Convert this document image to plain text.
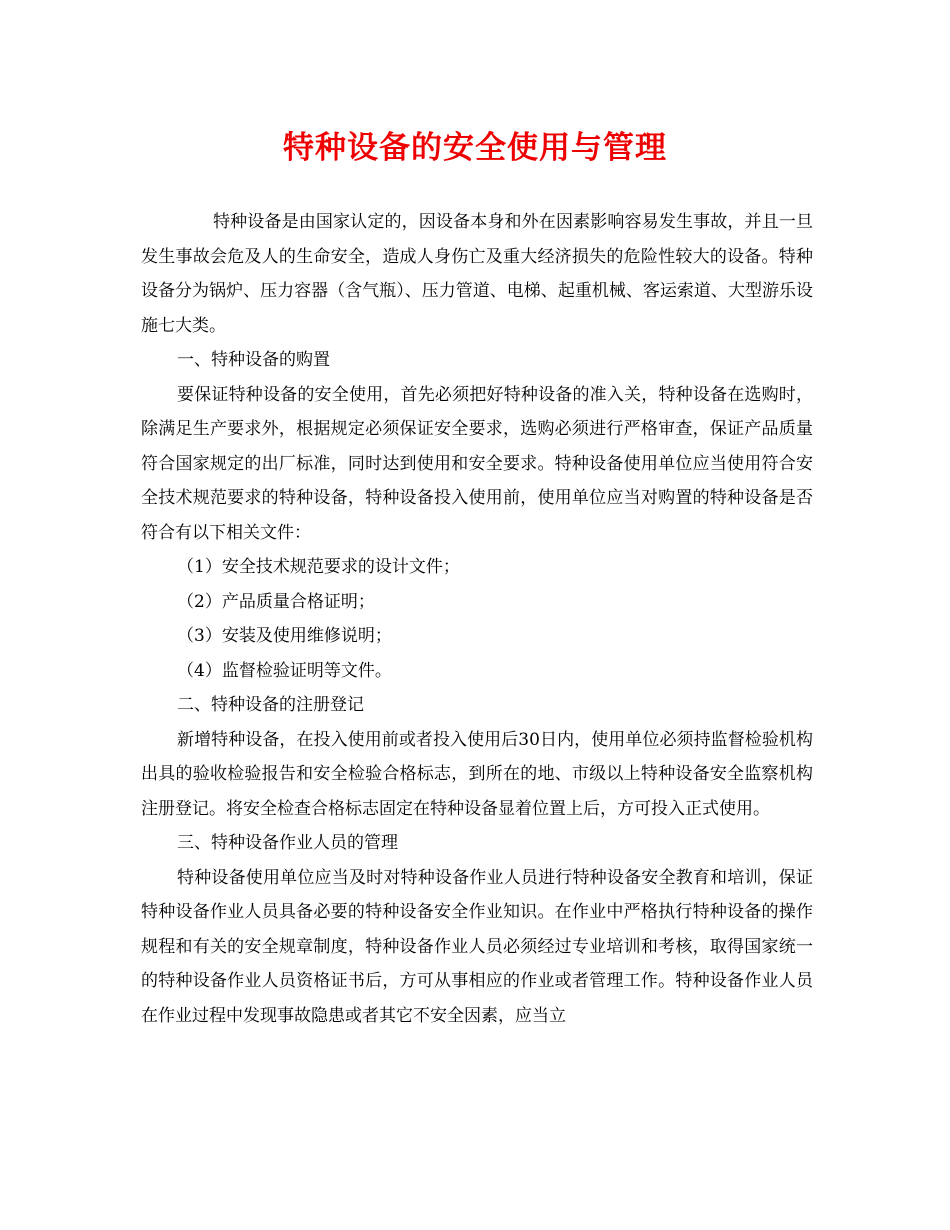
特种设备的安全使用与管理

特种设备是由国家认定的，因设备本身和外在因素影响容易发生事故，并且一旦发生事故会危及人的生命安全，造成人身伤亡及重大经济损失的危险性较大的设备。特种设备分为锅炉、压力容器（含气瓶）、压力管道、电梯、起重机械、客运索道、大型游乐设施七大类。

一、特种设备的购置

要保证特种设备的安全使用，首先必须把好特种设备的准入关，特种设备在选购时，除满足生产要求外，根据规定必须保证安全要求，选购必须进行严格审查，保证产品质量符合国家规定的出厂标准，同时达到使用和安全要求。特种设备使用单位应当使用符合安全技术规范要求的特种设备，特种设备投入使用前，使用单位应当对购置的特种设备是否符合有以下相关文件：

（1）安全技术规范要求的设计文件；

（2）产品质量合格证明；

（3）安装及使用维修说明；

（4）监督检验证明等文件。

二、特种设备的注册登记

新增特种设备，在投入使用前或者投入使用后30日内，使用单位必须持监督检验机构出具的验收检验报告和安全检验合格标志，到所在的地、市级以上特种设备安全监察机构注册登记。将安全检查合格标志固定在特种设备显着位置上后，方可投入正式使用。

三、特种设备作业人员的管理

特种设备使用单位应当及时对特种设备作业人员进行特种设备安全教育和培训，保证特种设备作业人员具备必要的特种设备安全作业知识。在作业中严格执行特种设备的操作规程和有关的安全规章制度，特种设备作业人员必须经过专业培训和考核，取得国家统一的特种设备作业人员资格证书后，方可从事相应的作业或者管理工作。特种设备作业人员在作业过程中发现事故隐患或者其它不安全因素，应当立
